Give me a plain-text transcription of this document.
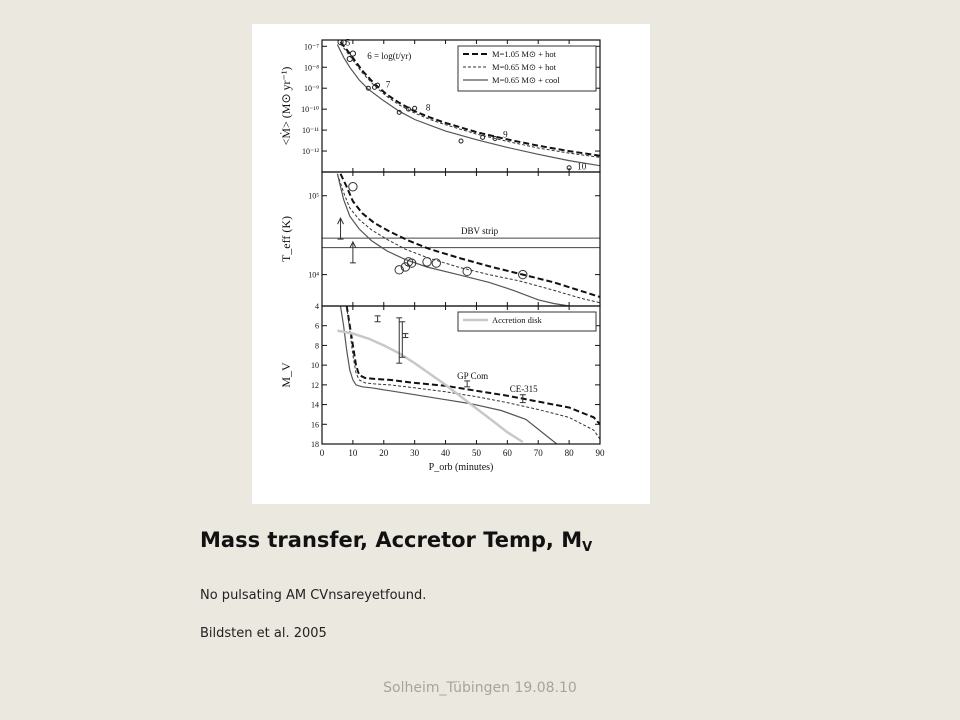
5
6 = log(t/yr)
7
8
9
10
10⁻⁷
10⁻⁸
10⁻⁹
10⁻¹⁰
10⁻¹¹
10⁻¹²
<Ṁ> (M⊙ yr⁻¹)
M=1.05 M⊙ + hot
M=0.65 M⊙ + hot
M=0.65 M⊙ + cool
DBV strip
10⁵
10⁴
T_eff (K)
GP Com
CE-315
4
6
8
10
12
14
16
18
M_V
0	10 20 30 40 50 60 70 80 90
P_orb (minutes)
Accretion disk
Mass transfer, Accretor Temp, $M_V$
No pulsating AM CVnsareyetfound.
Bildsten et al. 2005
Solheim_Tübingen 19.08.10
